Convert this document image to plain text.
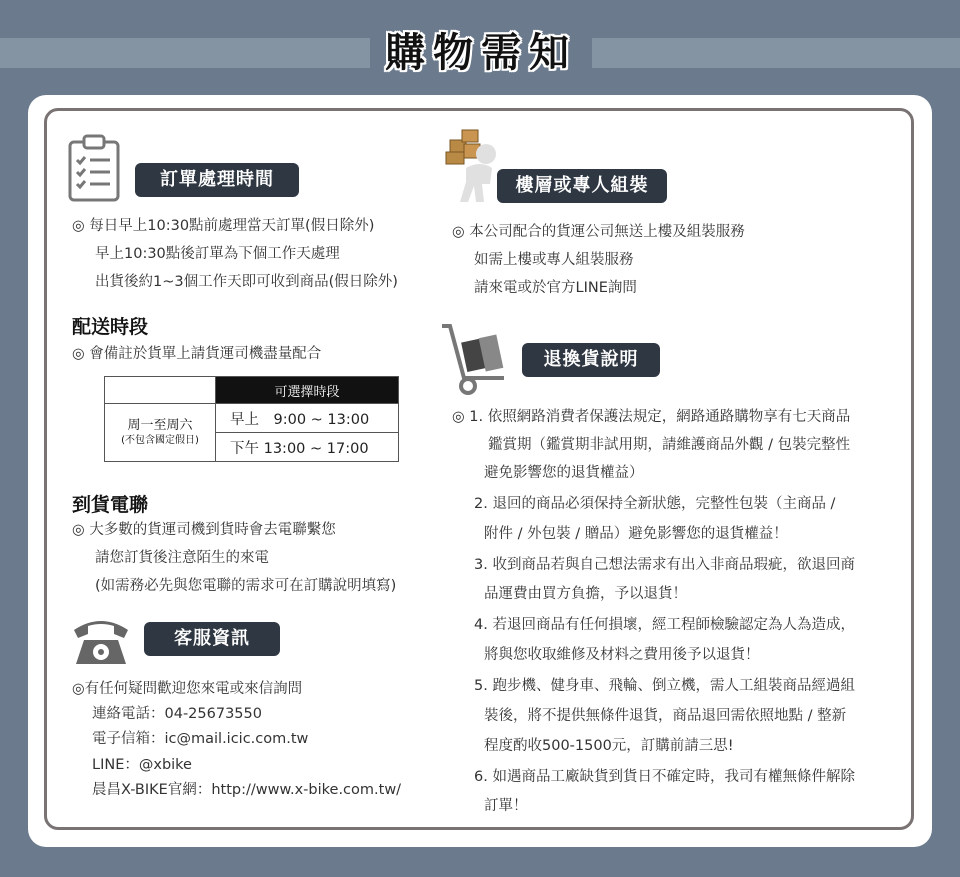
購物需知
訂單處理時間
◎ 每日早上10:30點前處理當天訂單(假日除外)
早上10:30點後訂單為下個工作天處理
出貨後約1~3個工作天即可收到商品(假日除外)
配送時段
◎ 會備註於貨單上請貨運司機盡量配合
	可選擇時段
周一至周六
(不包含國定假日)	早上　9:00 ~ 13:00
	下午 13:00 ~ 17:00
到貨電聯
◎ 大多數的貨運司機到貨時會去電聯繫您
請您訂貨後注意陌生的來電
(如需務必先與您電聯的需求可在訂購說明填寫)
客服資訊
◎有任何疑問歡迎您來電或來信詢問
連絡電話：04-25673550
電子信箱：ic@mail.icic.com.tw
LINE：@xbike
晨昌X-BIKE官網：http://www.x-bike.com.tw/
樓層或專人組裝
◎ 本公司配合的貨運公司無送上樓及組裝服務
如需上樓或專人組裝服務
請來電或於官方LINE詢問
退換貨說明
◎ 1. 依照網路消費者保護法規定，網路通路購物享有七天商品
鑑賞期（鑑賞期非試用期，請維護商品外觀 / 包裝完整性
避免影響您的退貨權益）
2. 退回的商品必須保持全新狀態，完整性包裝（主商品 /
附件 / 外包裝 / 贈品）避免影響您的退貨權益！
3. 收到商品若與自己想法需求有出入非商品瑕疵，欲退回商
品運費由買方負擔，予以退貨！
4. 若退回商品有任何損壞，經工程師檢驗認定為人為造成，
將與您收取維修及材料之費用後予以退貨！
5. 跑步機、健身車、飛輪、倒立機，需人工組裝商品經過組
裝後，將不提供無條件退貨，商品退回需依照地點 / 整新
程度酌收500-1500元，訂購前請三思!
6. 如遇商品工廠缺貨到貨日不確定時，我司有權無條件解除
訂單！
